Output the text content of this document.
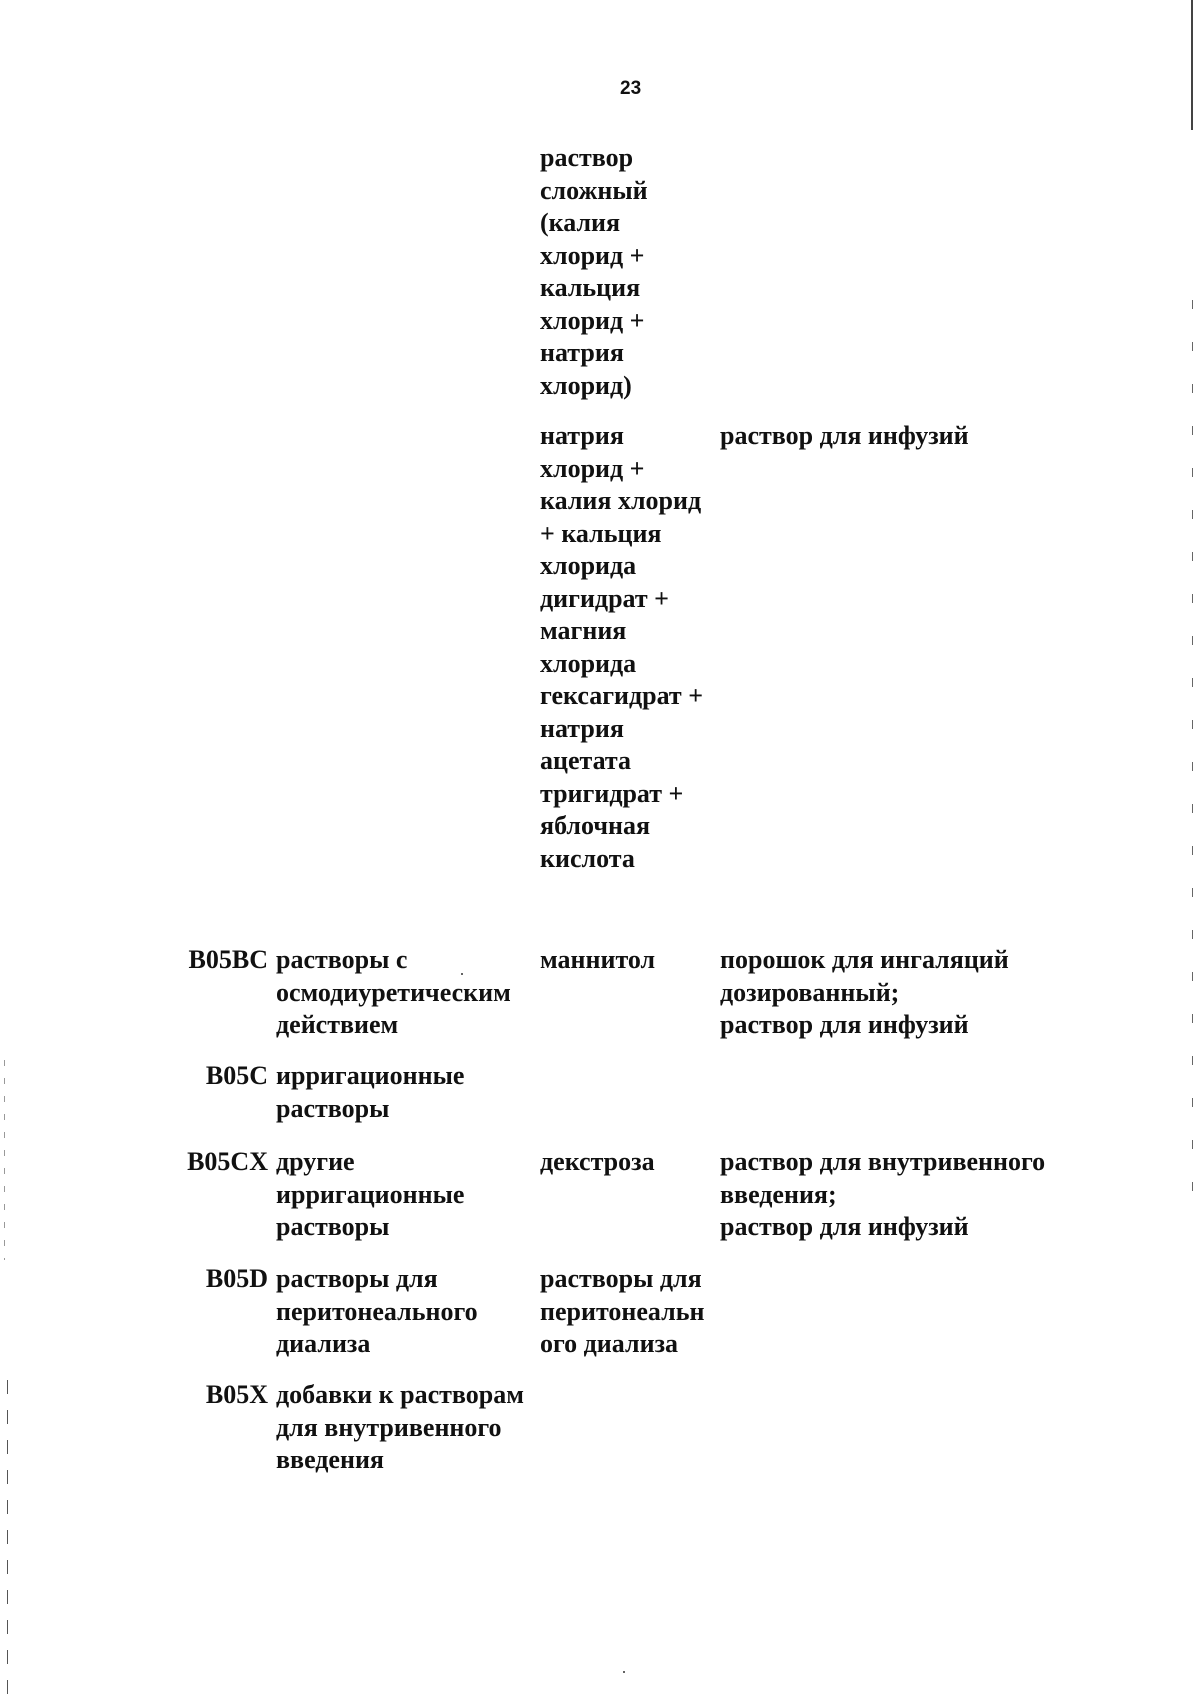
23
раствор
сложный
(калия
хлорид +
кальция
хлорид +
натрия
хлорид)
натрия
хлорид +
калия хлорид
+ кальция
хлорида
дигидрат +
магния
хлорида
гексагидрат +
натрия
ацетата
тригидрат +
яблочная
кислота
раствор для инфузий
B05BC растворы с
осмодиуретическим
действием
маннитол	порошок для ингаляций
дозированный;
раствор для инфузий
B05C ирригационные
растворы
B05CX другие
ирригационные
растворы
декстроза	раствор для внутривенного
введения;
раствор для инфузий
B05D растворы для
перитонеального
диализа
растворы для
перитонеальн
ого диализа
B05X добавки к растворам
для внутривенного
введения
